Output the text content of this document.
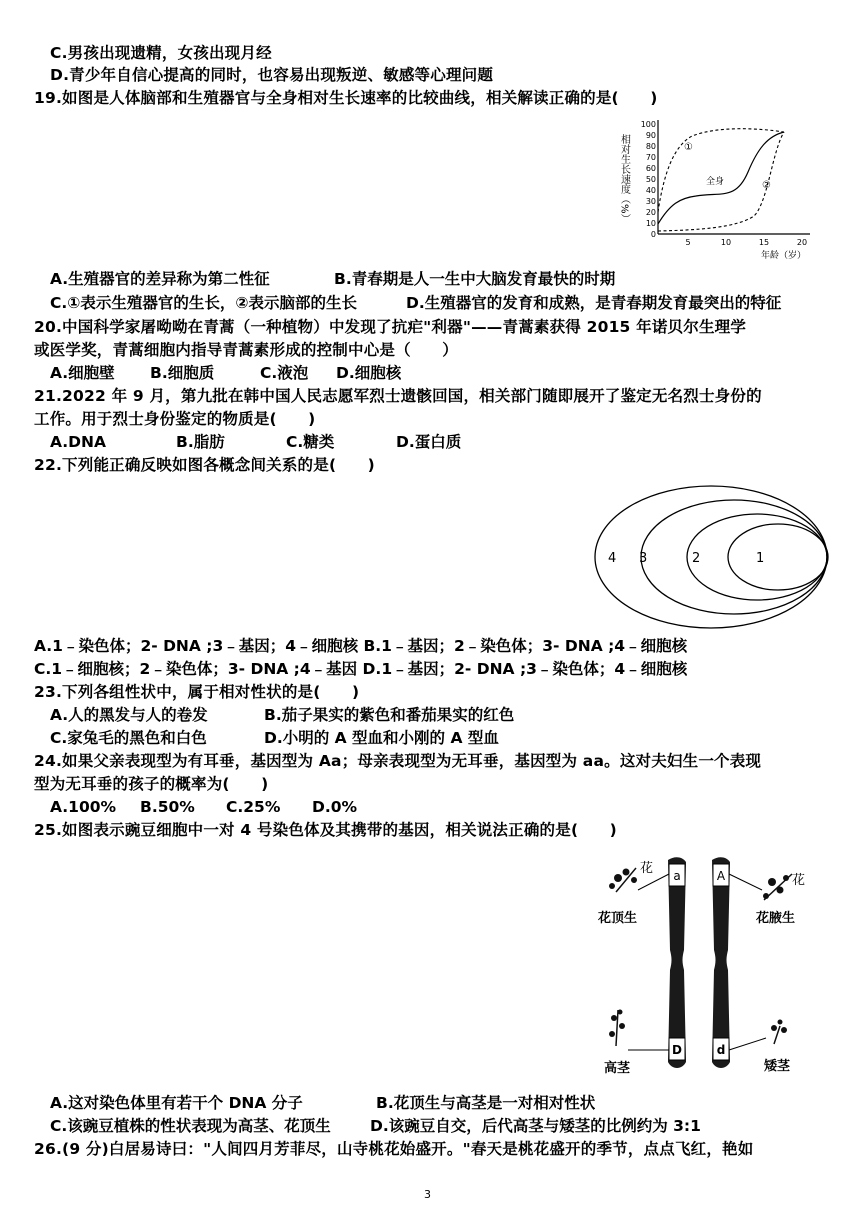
C.男孩出现遗精，女孩出现月经
D.青少年自信心提高的同时，也容易出现叛逆、敏感等心理问题
19.如图是人体脑部和生殖器官与全身相对生长速率的比较曲线，相关解读正确的是(　　)
相对生长速度（%）
100
90
80
70
60
50
40
30
20
10
0
5	10	15	20
年龄（岁）
①
全身	②
A.生殖器官的差异称为第二性征	B.青春期是人一生中大脑发育最快的时期
C.①表示生殖器官的生长，②表示脑部的生长	D.生殖器官的发育和成熟，是青春期发育最突出的特征
20.中国科学家屠呦呦在青蒿（一种植物）中发现了抗疟"利器"——青蒿素获得 2015 年诺贝尔生理学
或医学奖，青蒿细胞内指导青蒿素形成的控制中心是（　　）
A.细胞壁 B.细胞质	C.液泡 D.细胞核
21.2022 年 9 月，第九批在韩中国人民志愿军烈士遗骸回国，相关部门随即展开了鉴定无名烈士身份的
工作。用于烈士身份鉴定的物质是(　　)
A.DNA	B.脂肪	C.糖类	D.蛋白质
22.下列能正确反映如图各概念间关系的是(　　)
4 3	2	1
A.1﹣染色体；2- DNA ;3﹣基因；4﹣细胞核 B.1﹣基因；2﹣染色体；3- DNA ;4﹣细胞核
C.1﹣细胞核；2﹣染色体；3- DNA ;4﹣基因 D.1﹣基因；2- DNA ;3﹣染色体；4﹣细胞核
23.下列各组性状中，属于相对性状的是(　　)
A.人的黑发与人的卷发	B.茄子果实的紫色和番茄果实的红色
C.家兔毛的黑色和白色	D.小明的 A 型血和小刚的 A 型血
24.如果父亲表现型为有耳垂，基因型为 Aa；母亲表现型为无耳垂，基因型为 aa。这对夫妇生一个表现
型为无耳垂的孩子的概率为(　　)
A.100% B.50% C.25% D.0%
25.如图表示豌豆细胞中一对 4 号染色体及其携带的基因，相关说法正确的是(　　)
a	A
D	d
花
花
花顶生	花腋生
高茎	矮茎
A.这对染色体里有若干个 DNA 分子	B.花顶生与高茎是一对相对性状
C.该豌豆植株的性状表现为高茎、花顶生	D.该豌豆自交，后代高茎与矮茎的比例约为 3:1
26.(9 分)白居易诗曰："人间四月芳菲尽，山寺桃花始盛开。"春天是桃花盛开的季节，点点飞红，艳如
3
